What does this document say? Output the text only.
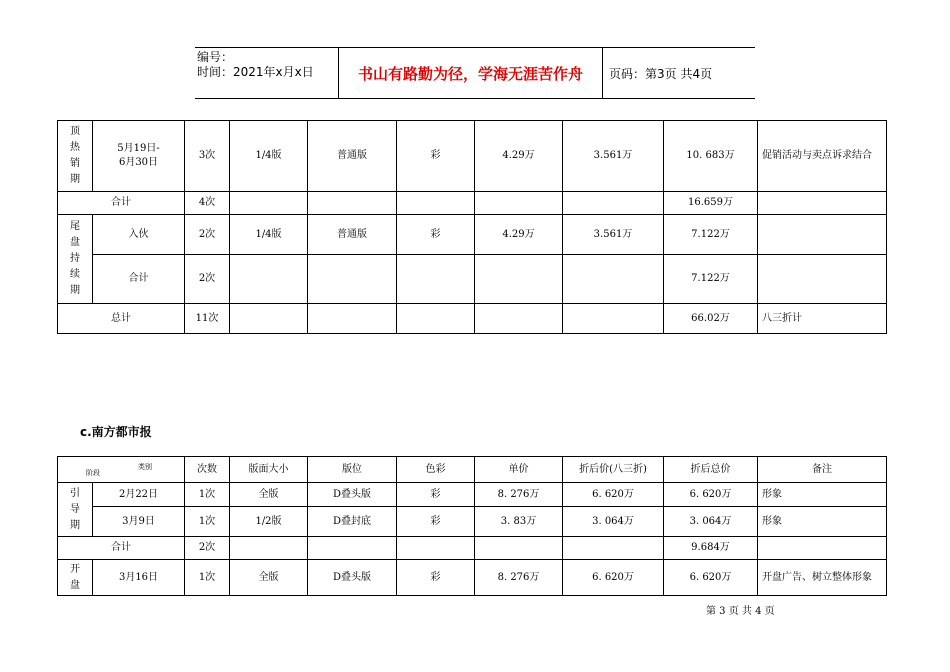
编号：
时间：2021年x月x日	书山有路勤为径，学海无涯苦作舟	页码：第3页 共4页
顶
热
销
期	5月19日-
6月30日	3次	1/4版	普通版	彩	4.29万	3.561万	10. 683万	促销活动与卖点诉求结合
合计		4次						16.659万	
尾
盘
持
续
期	入伙	2次	1/4版	普通版	彩	4.29万	3.561万	7.122万	
	合计	2次						7.122万	
总计		11次						66.02万	八三折计
c.南方都市报
阶段
类别		次数	版面大小	版位	色彩	单价	折后价(八三折)	折后总价	备注
引
导
期	2月22日	1次	全版	D叠头版	彩	8. 276万	6. 620万	6. 620万	形象
	3月9日	1次	1/2版	D叠封底	彩	3. 83万	3. 064万	3. 064万	形象
合计		2次						9.684万	
开
盘	3月16日	1次	全版	D叠头版	彩	8. 276万	6. 620万	6. 620万	开盘广告、树立整体形象
第 3 页 共 4 页
